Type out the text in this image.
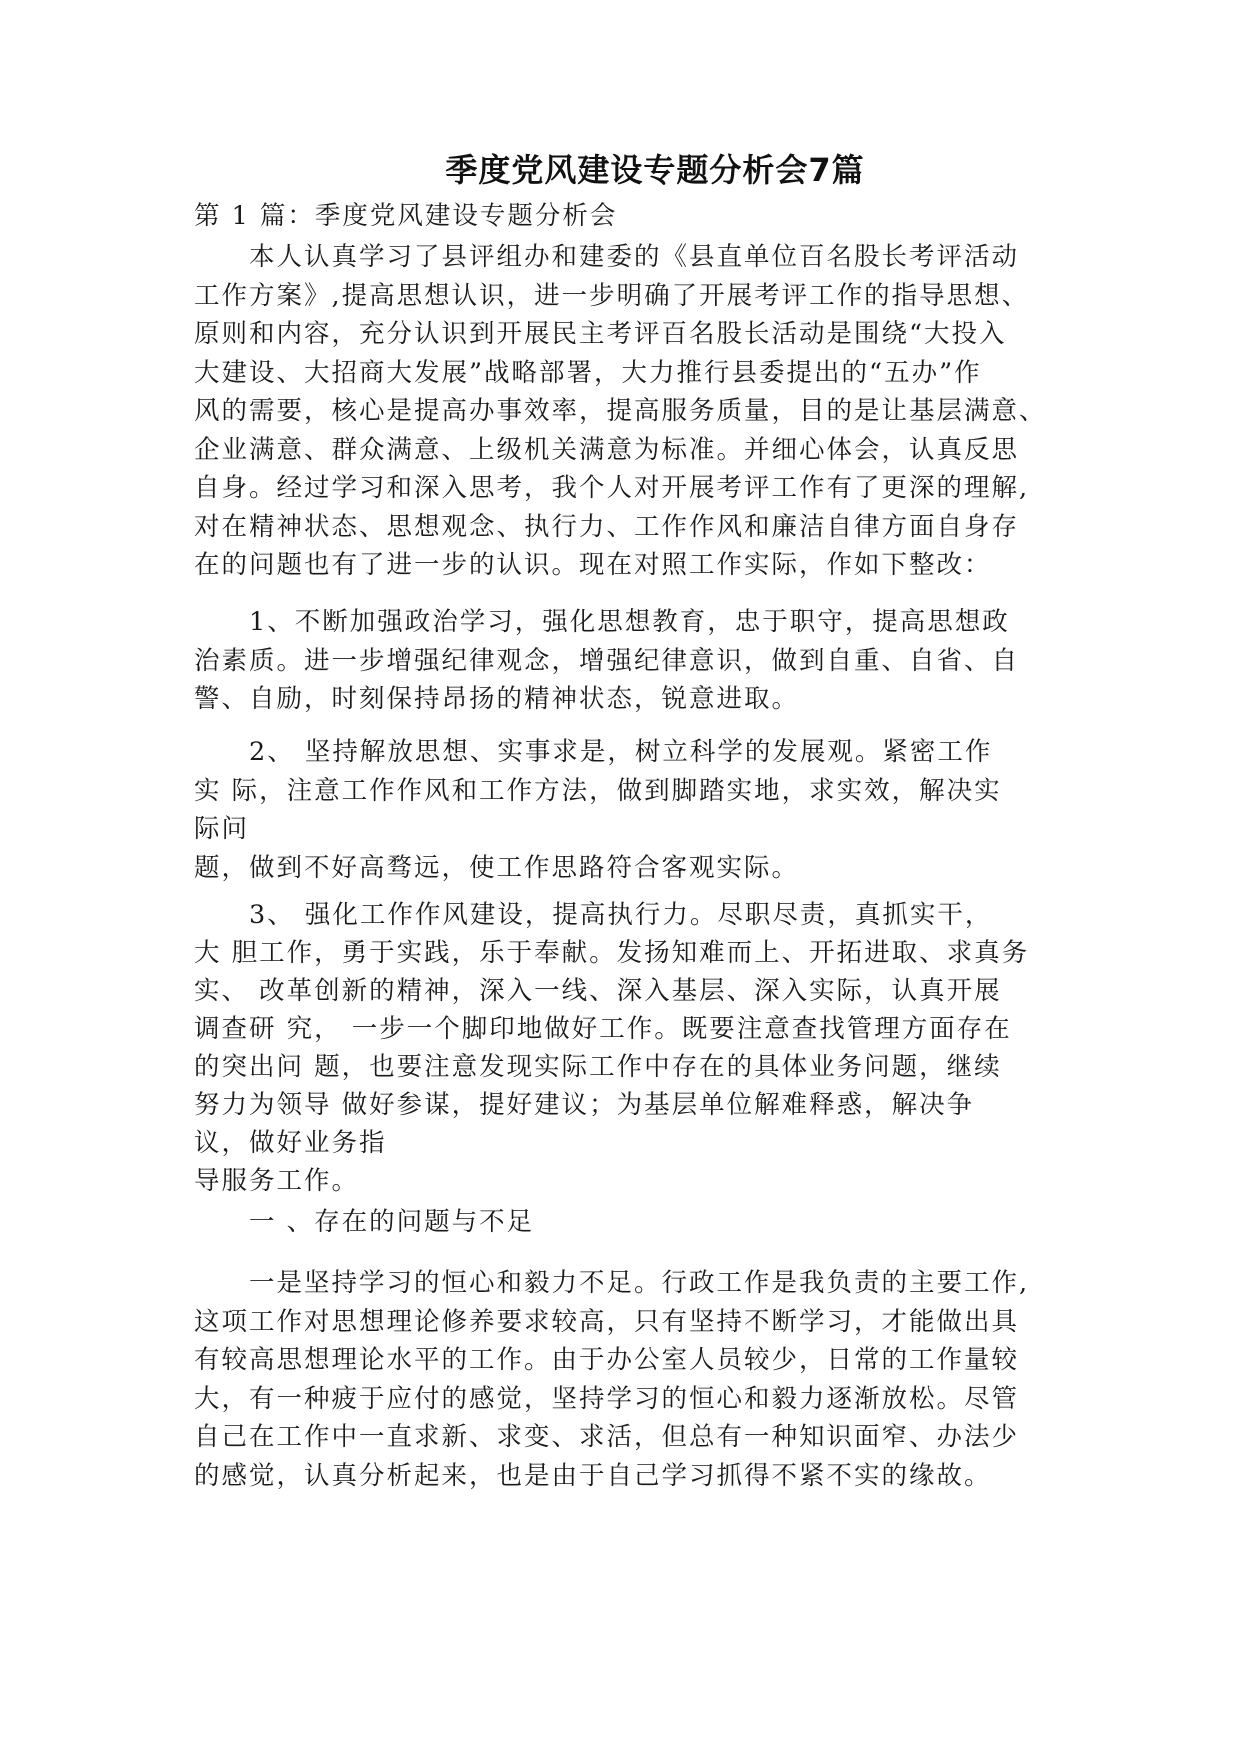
季度党风建设专题分析会7篇
第 1 篇：季度党风建设专题分析会
　　本人认真学习了县评组办和建委的《县直单位百名股长考评活动
工作方案》,提高思想认识，进一步明确了开展考评工作的指导思想、
原则和内容，充分认识到开展民主考评百名股长活动是围绕“大投入
大建设、大招商大发展”战略部署，大力推行县委提出的“五办”作
风的需要，核心是提高办事效率，提高服务质量，目的是让基层满意、
企业满意、群众满意、上级机关满意为标准。并细心体会，认真反思
自身。经过学习和深入思考，我个人对开展考评工作有了更深的理解,
对在精神状态、思想观念、执行力、工作作风和廉洁自律方面自身存
在的问题也有了进一步的认识。现在对照工作实际，作如下整改：
　　1、不断加强政治学习，强化思想教育，忠于职守，提高思想政
治素质。进一步增强纪律观念，增强纪律意识，做到自重、自省、自
警、自励，时刻保持昂扬的精神状态，锐意进取。
　　2、 坚持解放思想、实事求是，树立科学的发展观。紧密工作
实 际，注意工作作风和工作方法，做到脚踏实地，求实效，解决实
际问
题，做到不好高骛远，使工作思路符合客观实际。
　　3、 强化工作作风建设，提高执行力。尽职尽责，真抓实干，
大 胆工作，勇于实践，乐于奉献。发扬知难而上、开拓进取、求真务
实、 改革创新的精神，深入一线、深入基层、深入实际，认真开展
调查研 究， 一步一个脚印地做好工作。既要注意查找管理方面存在
的突出问 题，也要注意发现实际工作中存在的具体业务问题，继续
努力为领导 做好参谋，提好建议；为基层单位解难释惑，解决争
议，做好业务指
导服务工作。
　　一 、存在的问题与不足
　　一是坚持学习的恒心和毅力不足。行政工作是我负责的主要工作,
这项工作对思想理论修养要求较高，只有坚持不断学习，才能做出具
有较高思想理论水平的工作。由于办公室人员较少，日常的工作量较
大，有一种疲于应付的感觉，坚持学习的恒心和毅力逐渐放松。尽管
自己在工作中一直求新、求变、求活，但总有一种知识面窄、办法少
的感觉，认真分析起来，也是由于自己学习抓得不紧不实的缘故。
